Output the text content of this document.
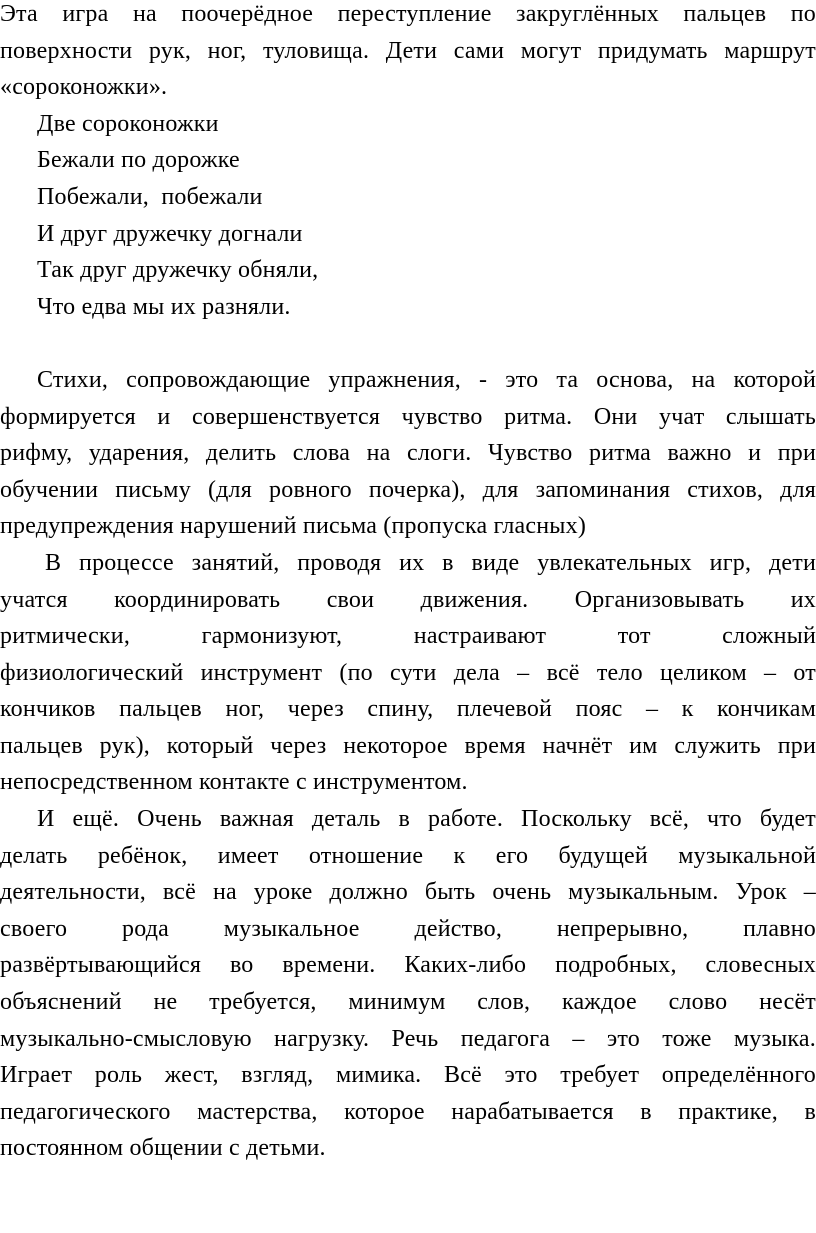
Эта игра на поочерёдное переступление закруглённых пальцев по
поверхности рук, ног, туловища. Дети сами могут придумать маршрут
«сороконожки».
Две сороконожки
Бежали по дорожке
Побежали,  побежали
И друг дружечку догнали
Так друг дружечку обняли,
Что едва мы их разняли.

Стихи, сопровождающие упражнения, - это та основа, на которой
формируется и совершенствуется чувство ритма. Они учат слышать
рифму, ударения, делить слова на слоги. Чувство ритма важно и при
обучении письму (для ровного почерка), для запоминания стихов, для
предупреждения нарушений письма (пропуска гласных)
В процессе занятий, проводя их в виде увлекательных игр, дети
учатся координировать свои движения. Организовывать их
ритмически, гармонизуют, настраивают тот сложный
физиологический инструмент (по сути дела – всё тело целиком – от
кончиков пальцев ног, через спину, плечевой пояс – к кончикам
пальцев рук), который через некоторое время начнёт им служить при
непосредственном контакте с инструментом.
И ещё. Очень важная деталь в работе. Поскольку всё, что будет
делать ребёнок, имеет отношение к его будущей музыкальной
деятельности, всё на уроке должно быть очень музыкальным. Урок –
своего рода музыкальное действо, непрерывно, плавно
развёртывающийся во времени. Каких-либо подробных, словесных
объяснений не требуется, минимум слов, каждое слово несёт
музыкально-смысловую нагрузку. Речь педагога – это тоже музыка.
Играет роль жест, взгляд, мимика. Всё это требует определённого
педагогического мастерства, которое нарабатывается в практике, в
постоянном общении с детьми.
